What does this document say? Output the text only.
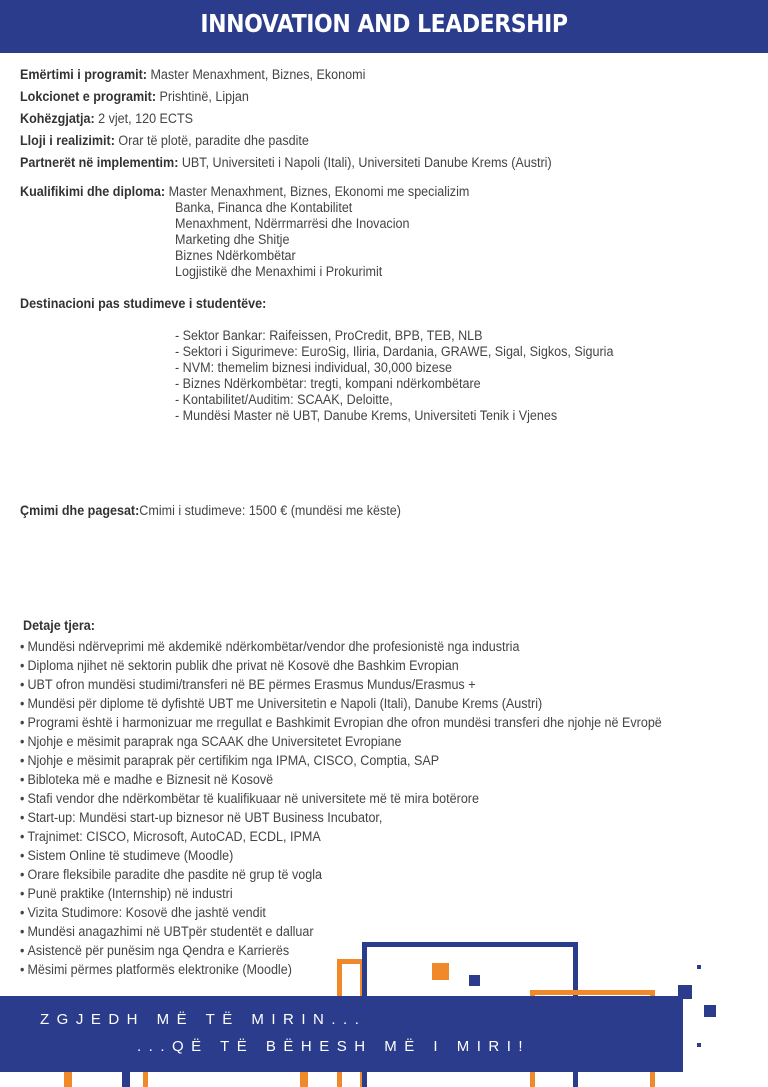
INNOVATION AND LEADERSHIP
Emërtimi i programit: Master Menaxhment, Biznes, Ekonomi
Lokcionet e programit: Prishtinë, Lipjan
Kohëzgjatja: 2 vjet, 120 ECTS
Lloji i realizimit: Orar të plotë, paradite dhe pasdite
Partnerët në implementim: UBT, Universiteti i Napoli (Itali), Universiteti Danube Krems (Austri)
Kualifikimi dhe diploma: Master Menaxhment, Biznes, Ekonomi me specializim
Banka, Financa dhe Kontabilitet
Menaxhment, Ndërrmarrësi dhe Inovacion
Marketing dhe Shitje
Biznes Ndërkombëtar
Logjistikë dhe Menaxhimi i Prokurimit
Destinacioni pas studimeve i studentëve:
- Sektor Bankar: Raifeissen, ProCredit, BPB, TEB, NLB
- Sektori i Sigurimeve: EuroSig, Iliria, Dardania, GRAWE, Sigal, Sigkos, Siguria
- NVM: themelim biznesi individual, 30,000 bizese
- Biznes Ndërkombëtar: tregti, kompani ndërkombëtare
- Kontabilitet/Auditim: SCAAK, Deloitte,
- Mundësi Master në UBT, Danube Krems, Universiteti Tenik i Vjenes
Çmimi dhe pagesat:Cmimi i studimeve: 1500 € (mundësi me këste)
Detaje tjera:
• Mundësi ndërveprimi më akdemikë ndërkombëtar/vendor dhe profesionistë nga industria
• Diploma njihet në sektorin publik dhe privat në Kosovë dhe Bashkim Evropian
• UBT ofron mundësi studimi/transferi në BE përmes Erasmus Mundus/Erasmus +
• Mundësi për diplome të dyfishtë UBT me Universitetin e Napoli (Itali), Danube Krems (Austri)
• Programi është i harmonizuar me rregullat e Bashkimit Evropian dhe ofron mundësi transferi dhe njohje në Evropë
• Njohje e mësimit paraprak nga SCAAK dhe Universitetet Evropiane
• Njohje e mësimit paraprak për certifikim nga IPMA, CISCO, Comptia, SAP
• Bibloteka më e madhe e Biznesit në Kosovë
• Stafi vendor dhe ndërkombëtar të kualifikuaar në universitete më të mira botërore
• Start-up: Mundësi start-up biznesor në UBT Business Incubator,
• Trajnimet: CISCO, Microsoft, AutoCAD, ECDL, IPMA
• Sistem Online të studimeve (Moodle)
• Orare fleksibile paradite dhe pasdite në grup të vogla
• Punë praktike (Internship) në industri
• Vizita Studimore: Kosovë dhe jashtë vendit
• Mundësi anagazhimi në UBTpër studentët e dalluar
• Asistencë për punësim nga Qendra e Karrierës
• Mësimi përmes platformës elektronike (Moodle)
ZGJEDH MË TË MIRIN...
...QË TË BËHESH MË I MIRI!
